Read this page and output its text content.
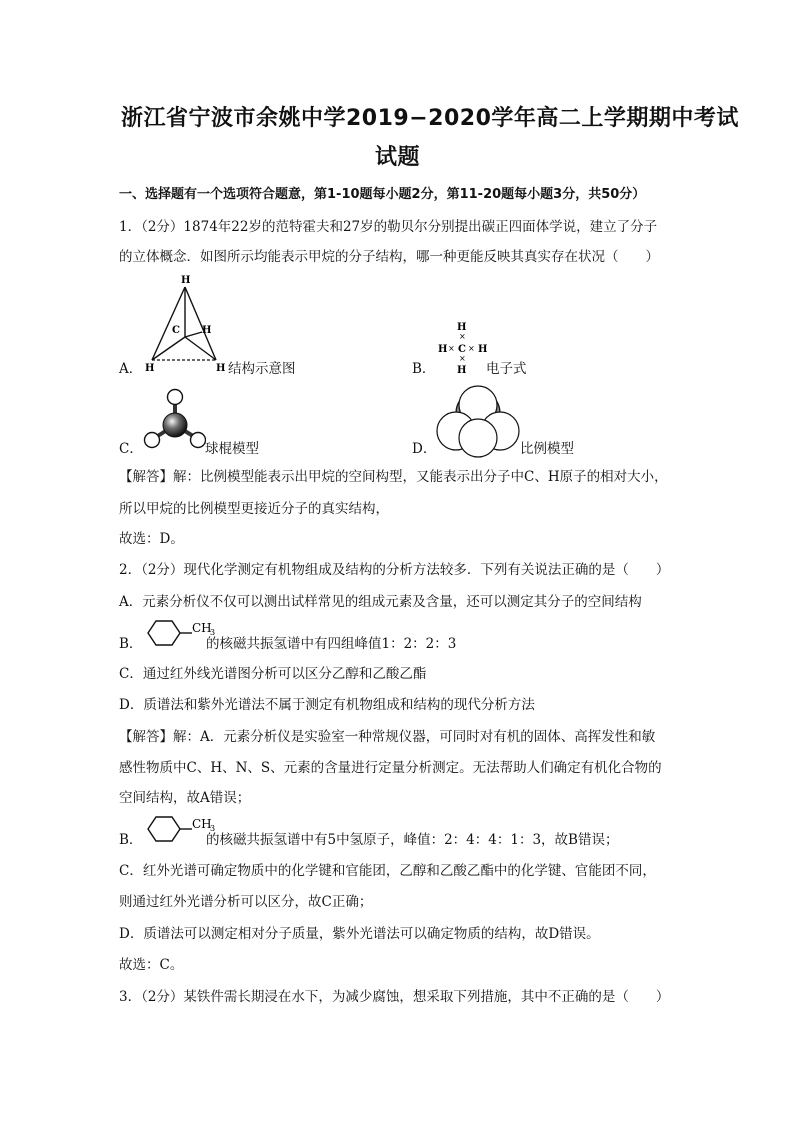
浙江省宁波市余姚中学2019−2020学年高二上学期期中考试
试题
一、选择题有一个选项符合题意，第1-10题每小题2分，第11-20题每小题3分，共50分）
1．（2分）1874年22岁的范特霍夫和27岁的勒贝尔分别提出碳正四面体学说，建立了分子
的立体概念．如图所示均能表示甲烷的分子结构，哪一种更能反映其真实存在状况（　　）
A．
H
C H
H	H 结构示意图	B．
H
×
H × C × H
×
H 电子式
C．	球棍模型	D．	比例模型
【解答】解：比例模型能表示出甲烷的空间构型，又能表示出分子中C、H原子的相对大小，
所以甲烷的比例模型更接近分子的真实结构，
故选：D。
2．（2分）现代化学测定有机物组成及结构的分析方法较多．下列有关说法正确的是（　　）
A．元素分析仪不仅可以测出试样常见的组成元素及含量，还可以测定其分子的空间结构
B．
CH
3
的核磁共振氢谱中有四组峰值1：2：2：3
C．通过红外线光谱图分析可以区分乙醇和乙酸乙酯
D．质谱法和紫外光谱法不属于测定有机物组成和结构的现代分析方法
【解答】解：A．元素分析仪是实验室一种常规仪器，可同时对有机的固体、高挥发性和敏
感性物质中C、H、N、S、元素的含量进行定量分析测定。无法帮助人们确定有机化合物的
空间结构，故A错误；
B．
CH
3
的核磁共振氢谱中有5中氢原子，峰值：2：4：4：1：3，故B错误；
C．红外光谱可确定物质中的化学键和官能团，乙醇和乙酸乙酯中的化学键、官能团不同，
则通过红外光谱分析可以区分，故C正确；
D．质谱法可以测定相对分子质量，紫外光谱法可以确定物质的结构，故D错误。
故选：C。
3．（2分）某铁件需长期浸在水下，为减少腐蚀，想采取下列措施，其中不正确的是（　　）
